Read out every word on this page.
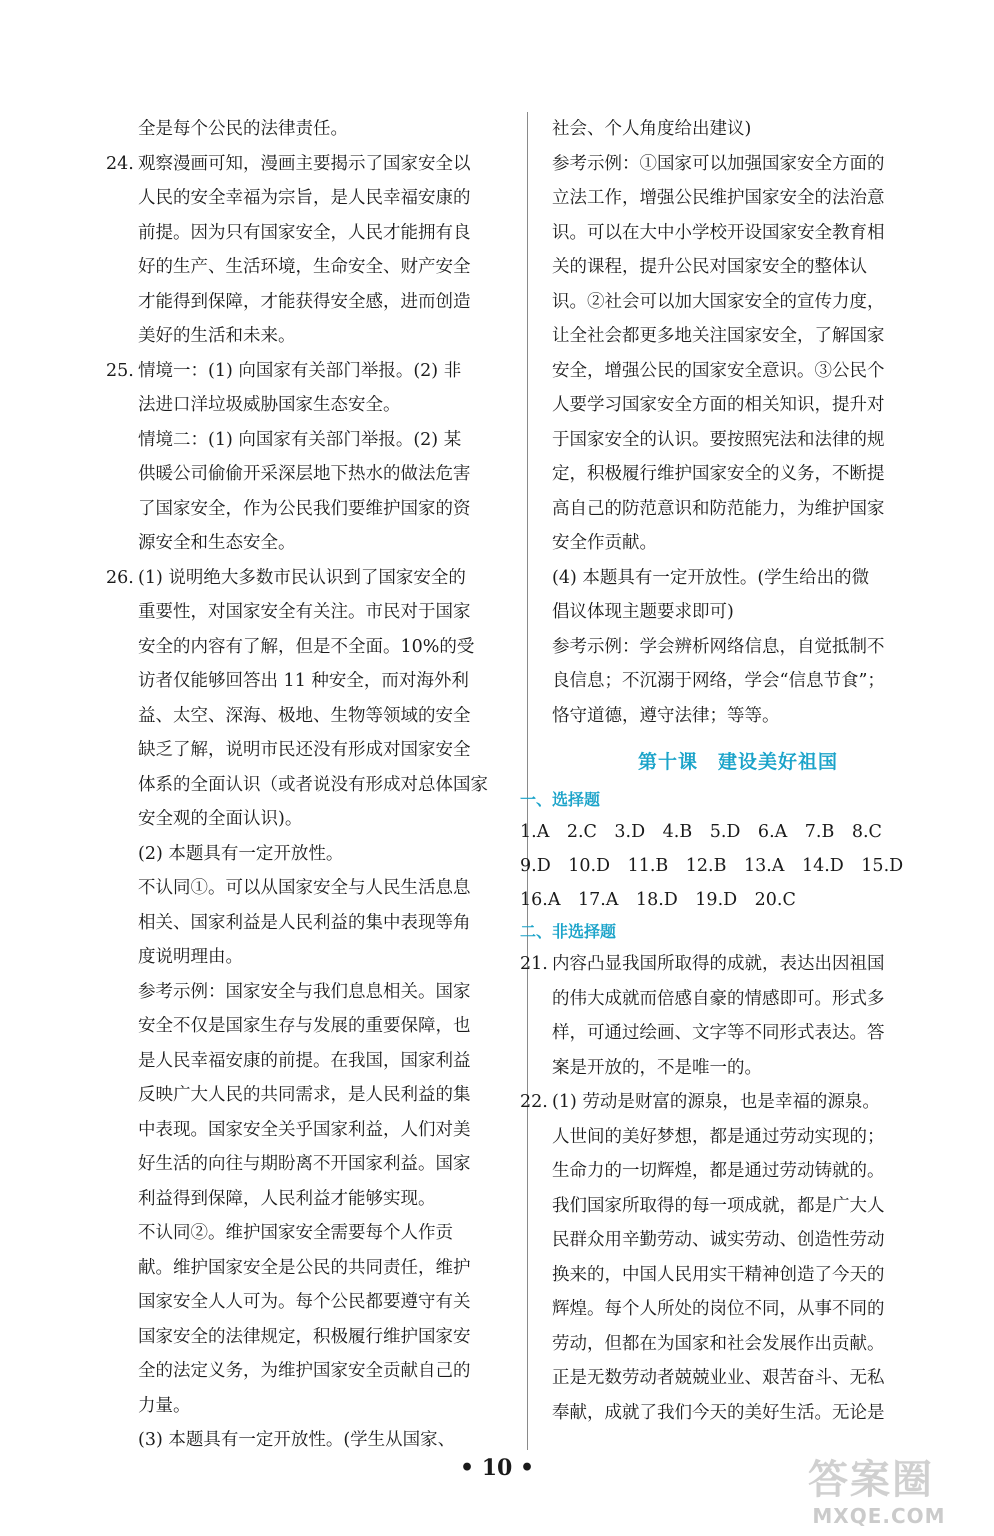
全是每个公民的法律责任。
24. 观察漫画可知，漫画主要揭示了国家安全以
人民的安全幸福为宗旨，是人民幸福安康的
前提。因为只有国家安全，人民才能拥有良
好的生产、生活环境，生命安全、财产安全
才能得到保障，才能获得安全感，进而创造
美好的生活和未来。
25. 情境一：(1) 向国家有关部门举报。(2) 非
法进口洋垃圾威胁国家生态安全。
情境二：(1) 向国家有关部门举报。(2) 某
供暖公司偷偷开采深层地下热水的做法危害
了国家安全，作为公民我们要维护国家的资
源安全和生态安全。
26. (1) 说明绝大多数市民认识到了国家安全的
重要性，对国家安全有关注。市民对于国家
安全的内容有了解，但是不全面。10%的受
访者仅能够回答出 11 种安全，而对海外利
益、太空、深海、极地、生物等领域的安全
缺乏了解，说明市民还没有形成对国家安全
体系的全面认识（或者说没有形成对总体国家
安全观的全面认识)。
(2) 本题具有一定开放性。
不认同①。可以从国家安全与人民生活息息
相关、国家利益是人民利益的集中表现等角
度说明理由。
参考示例：国家安全与我们息息相关。国家
安全不仅是国家生存与发展的重要保障，也
是人民幸福安康的前提。在我国，国家利益
反映广大人民的共同需求，是人民利益的集
中表现。国家安全关乎国家利益，人们对美
好生活的向往与期盼离不开国家利益。国家
利益得到保障，人民利益才能够实现。
不认同②。维护国家安全需要每个人作贡
献。维护国家安全是公民的共同责任，维护
国家安全人人可为。每个公民都要遵守有关
国家安全的法律规定，积极履行维护国家安
全的法定义务，为维护国家安全贡献自己的
力量。
(3) 本题具有一定开放性。(学生从国家、
社会、个人角度给出建议)
参考示例：①国家可以加强国家安全方面的
立法工作，增强公民维护国家安全的法治意
识。可以在大中小学校开设国家安全教育相
关的课程，提升公民对国家安全的整体认
识。②社会可以加大国家安全的宣传力度，
让全社会都更多地关注国家安全，了解国家
安全，增强公民的国家安全意识。③公民个
人要学习国家安全方面的相关知识，提升对
于国家安全的认识。要按照宪法和法律的规
定，积极履行维护国家安全的义务，不断提
高自己的防范意识和防范能力，为维护国家
安全作贡献。
(4) 本题具有一定开放性。(学生给出的微
倡议体现主题要求即可)
参考示例：学会辨析网络信息，自觉抵制不
良信息；不沉溺于网络，学会“信息节食”；
恪守道德，遵守法律；等等。
第十课　建设美好祖国
一、选择题
1.A　2.C　3.D　4.B　5.D　6.A　7.B　8.C
9.D　10.D　11.B　12.B　13.A　14.D　15.D
16.A　17.A　18.D　19.D　20.C
二、非选择题
21. 内容凸显我国所取得的成就，表达出因祖国
的伟大成就而倍感自豪的情感即可。形式多
样，可通过绘画、文字等不同形式表达。答
案是开放的，不是唯一的。
22. (1) 劳动是财富的源泉，也是幸福的源泉。
人世间的美好梦想，都是通过劳动实现的；
生命力的一切辉煌，都是通过劳动铸就的。
我们国家所取得的每一项成就，都是广大人
民群众用辛勤劳动、诚实劳动、创造性劳动
换来的，中国人民用实干精神创造了今天的
辉煌。每个人所处的岗位不同，从事不同的
劳动，但都在为国家和社会发展作出贡献。
正是无数劳动者兢兢业业、艰苦奋斗、无私
奉献，成就了我们今天的美好生活。无论是
• 10 •	答案圈
MXQE.COM
